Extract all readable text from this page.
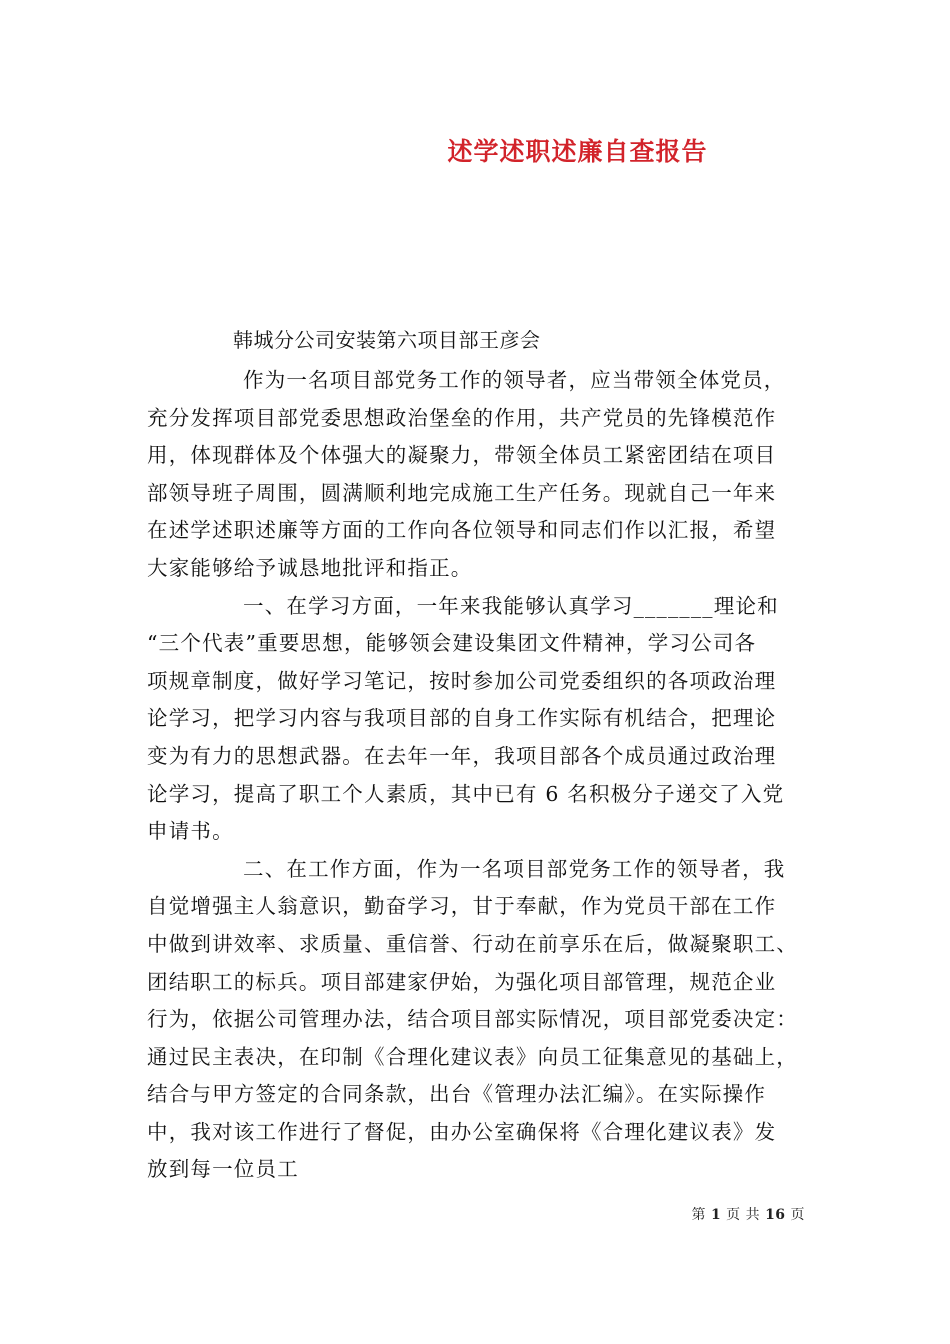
述学述职述廉自查报告
韩城分公司安装第六项目部王彦会
作为一名项目部党务工作的领导者，应当带领全体党员，
充分发挥项目部党委思想政治堡垒的作用，共产党员的先锋模范作
用，体现群体及个体强大的凝聚力，带领全体员工紧密团结在项目
部领导班子周围，圆满顺利地完成施工生产任务。现就自己一年来
在述学述职述廉等方面的工作向各位领导和同志们作以汇报，希望
大家能够给予诚恳地批评和指正。
一、在学习方面，一年来我能够认真学习_______理论和
“三个代表”重要思想，能够领会建设集团文件精神，学习公司各
项规章制度，做好学习笔记，按时参加公司党委组织的各项政治理
论学习，把学习内容与我项目部的自身工作实际有机结合，把理论
变为有力的思想武器。在去年一年，我项目部各个成员通过政治理
论学习，提高了职工个人素质，其中已有 6 名积极分子递交了入党
申请书。
二、在工作方面，作为一名项目部党务工作的领导者，我
自觉增强主人翁意识，勤奋学习，甘于奉献，作为党员干部在工作
中做到讲效率、求质量、重信誉、行动在前享乐在后，做凝聚职工、
团结职工的标兵。项目部建家伊始，为强化项目部管理，规范企业
行为，依据公司管理办法，结合项目部实际情况，项目部党委决定：
通过民主表决，在印制《合理化建议表》向员工征集意见的基础上，
结合与甲方签定的合同条款，出台《管理办法汇编》。在实际操作
中，我对该工作进行了督促，由办公室确保将《合理化建议表》发
放到每一位员工
第 1 页 共 16 页
